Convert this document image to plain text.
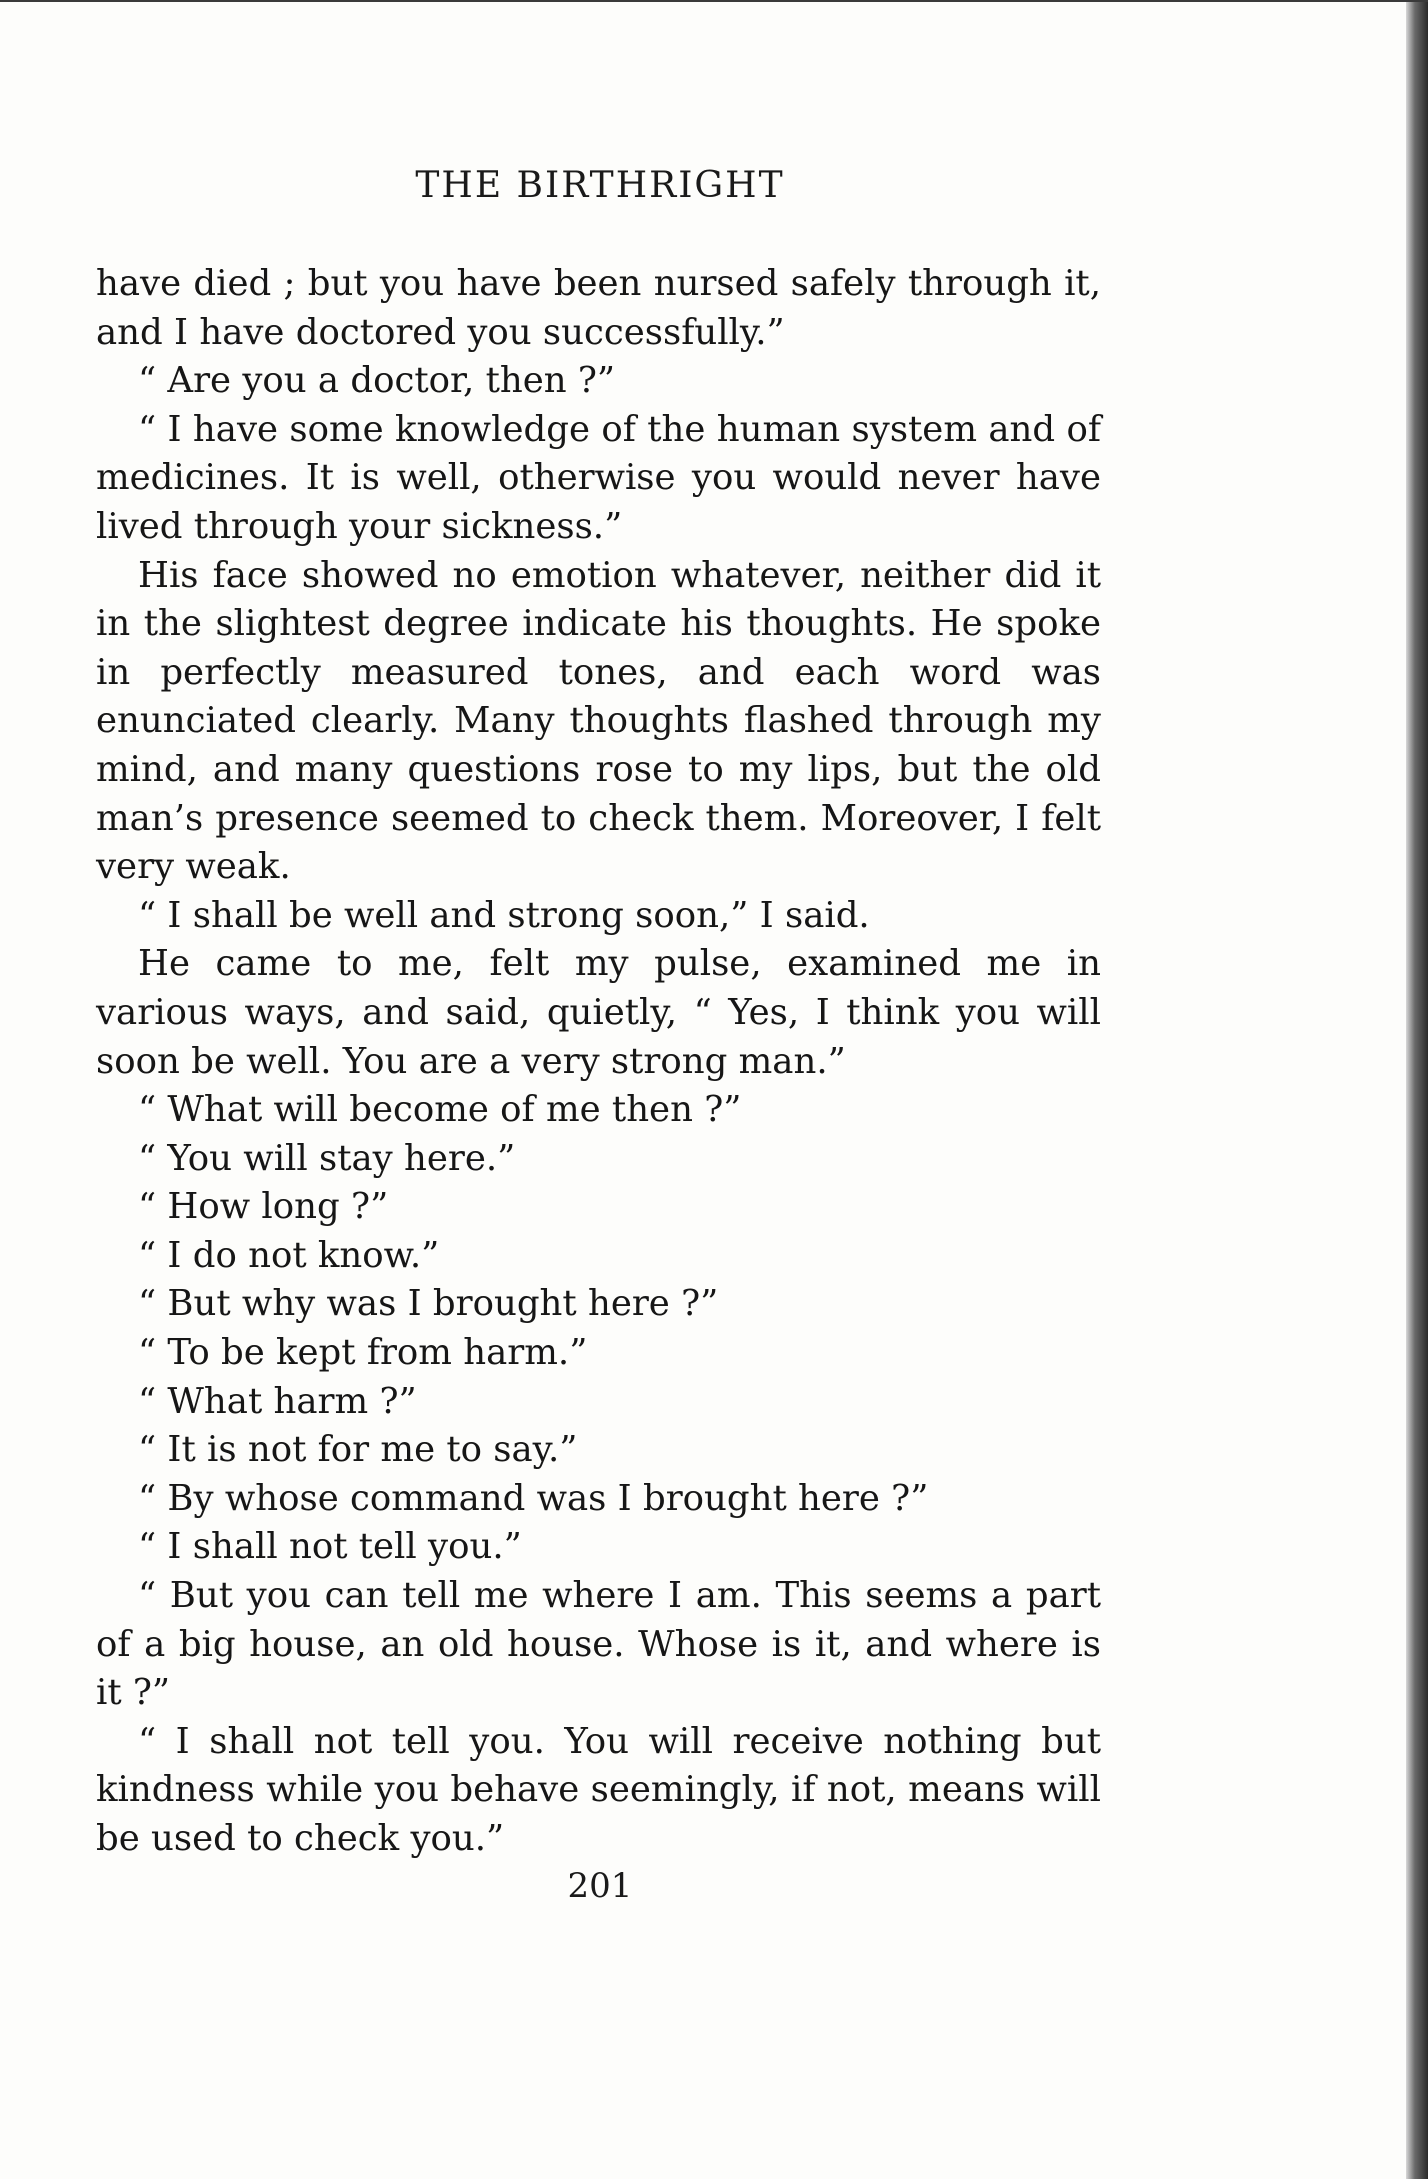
THE BIRTHRIGHT

have died ; but you have been nursed safely through it, and I have doctored you successfully.”

“ Are you a doctor, then ?”

“ I have some knowledge of the human system and of medicines. It is well, otherwise you would never have lived through your sickness.”

His face showed no emotion whatever, neither did it in the slightest degree indicate his thoughts. He spoke in perfectly measured tones, and each word was enunciated clearly. Many thoughts flashed through my mind, and many questions rose to my lips, but the old man’s presence seemed to check them. Moreover, I felt very weak.

“ I shall be well and strong soon,” I said.

He came to me, felt my pulse, examined me in various ways, and said, quietly, “ Yes, I think you will soon be well. You are a very strong man.”

“ What will become of me then ?”

“ You will stay here.”

“ How long ?”

“ I do not know.”

“ But why was I brought here ?”

“ To be kept from harm.”

“ What harm ?”

“ It is not for me to say.”

“ By whose command was I brought here ?”

“ I shall not tell you.”

“ But you can tell me where I am. This seems a part of a big house, an old house. Whose is it, and where is it ?”

“ I shall not tell you. You will receive nothing but kindness while you behave seemingly, if not, means will be used to check you.”

201
